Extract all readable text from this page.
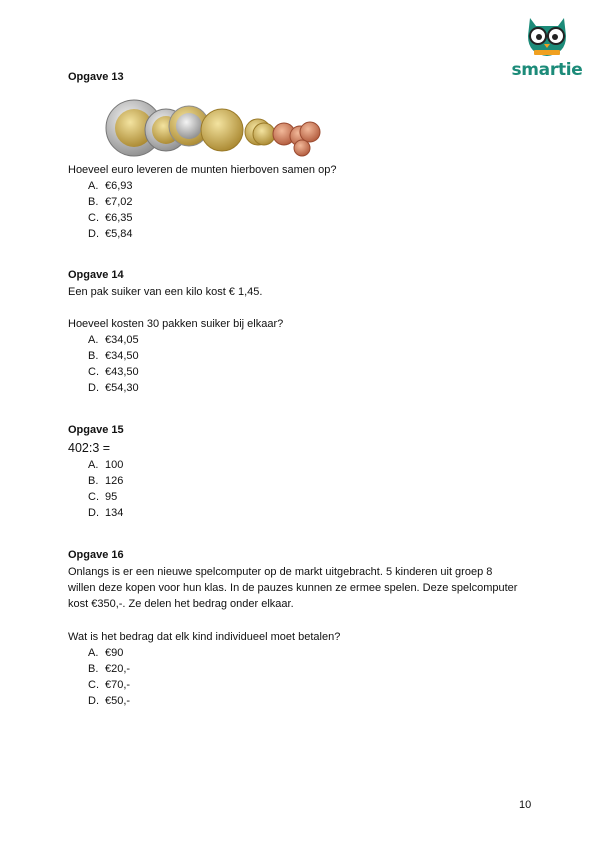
smartie
Opgave 13
Hoeveel euro leveren de munten hierboven samen op?
A. €6,93
B. €7,02
C. €6,35
D. €5,84
Opgave 14
Een pak suiker van een kilo kost € 1,45.
Hoeveel kosten 30 pakken suiker bij elkaar?
A. €34,05
B. €34,50
C. €43,50
D. €54,30
Opgave 15
402:3 =
A. 100
B. 126
C. 95
D. 134
Opgave 16
Onlangs is er een nieuwe spelcomputer op de markt uitgebracht. 5 kinderen uit groep 8
willen deze kopen voor hun klas. In de pauzes kunnen ze ermee spelen. Deze spelcomputer
kost €350,-. Ze delen het bedrag onder elkaar.
Wat is het bedrag dat elk kind individueel moet betalen?
A. €90
B. €20,-
C. €70,-
D. €50,-
10
